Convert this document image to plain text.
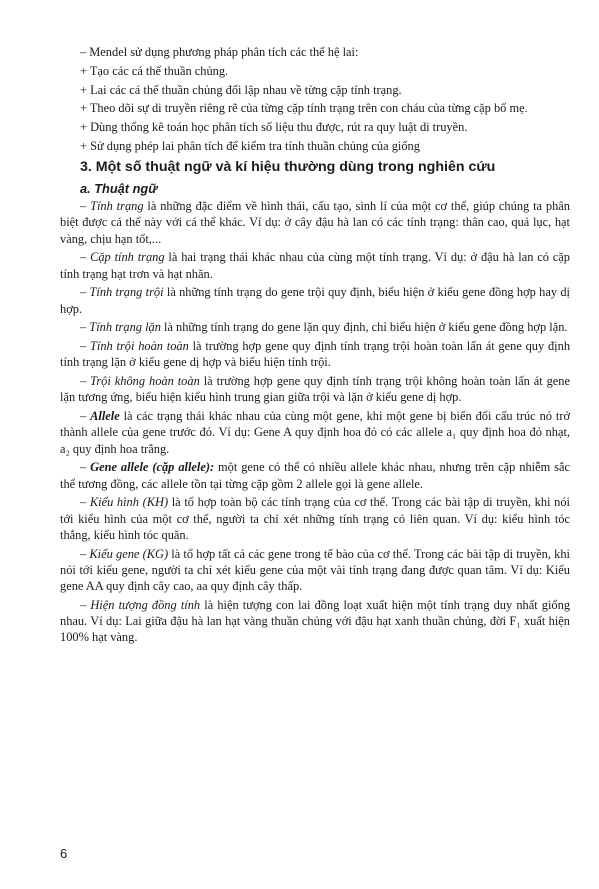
– Mendel sử dụng phương pháp phân tích các thế hệ lai:

+ Tạo các cá thể thuần chủng.

+ Lai các cá thể thuần chủng đối lập nhau về từng cặp tính trạng.

+ Theo dõi sự di truyền riêng rẽ của từng cặp tính trạng trên con cháu của từng cặp bố mẹ.

+ Dùng thống kê toán học phân tích số liệu thu được, rút ra quy luật di truyền.

+ Sử dụng phép lai phân tích để kiểm tra tính thuần chủng của giống

3. Một số thuật ngữ và kí hiệu thường dùng trong nghiên cứu
a. Thuật ngữ

– Tính trạng là những đặc điểm về hình thái, cấu tạo, sinh lí của một cơ thể, giúp chúng ta phân biệt được cá thể này với cá thể khác. Ví dụ: ở cây đậu hà lan có các tính trạng: thân cao, quả lục, hạt vàng, chịu hạn tốt,...

– Cặp tính trạng là hai trạng thái khác nhau của cùng một tính trạng. Ví dụ: ở đậu hà lan có cặp tính trạng hạt trơn và hạt nhăn.

– Tính trạng trội là những tính trạng do gene trội quy định, biểu hiện ở kiểu gene đồng hợp hay dị hợp.

– Tính trạng lặn là những tính trạng do gene lặn quy định, chỉ biểu hiện ở kiểu gene đồng hợp lặn.

– Tính trội hoàn toàn là trường hợp gene quy định tính trạng trội hoàn toàn lấn át gene quy định tính trạng lặn ở kiểu gene dị hợp và biểu hiện tính trội.

– Trội không hoàn toàn là trường hợp gene quy định tính trạng trội không hoàn toàn lấn át gene lặn tương ứng, biểu hiện kiểu hình trung gian giữa trội và lặn ở kiểu gene dị hợp.

– Allele là các trạng thái khác nhau của cùng một gene, khi một gene bị biến đổi cấu trúc nó trở thành allele của gene trước đó. Ví dụ: Gene A quy định hoa đỏ có các allele a₁ quy định hoa đỏ nhạt, a₂ quy định hoa trắng.

– Gene allele (cặp allele): một gene có thể có nhiều allele khác nhau, nhưng trên cặp nhiễm sắc thể tương đồng, các allele tồn tại từng cặp gồm 2 allele gọi là gene allele.

– Kiểu hình (KH) là tổ hợp toàn bộ các tính trạng của cơ thể. Trong các bài tập di truyền, khi nói tới kiểu hình của một cơ thể, người ta chỉ xét những tính trạng có liên quan. Ví dụ: kiểu hình tóc thẳng, kiểu hình tóc quăn.

– Kiểu gene (KG) là tổ hợp tất cả các gene trong tế bào của cơ thể. Trong các bài tập di truyền, khi nói tới kiểu gene, người ta chỉ xét kiểu gene của một vài tính trạng đang được quan tâm. Ví dụ: Kiểu gene AA quy định cây cao, aa quy định cây thấp.

– Hiện tượng đồng tính là hiện tượng con lai đồng loạt xuất hiện một tính trạng duy nhất giống nhau. Ví dụ: Lai giữa đậu hà lan hạt vàng thuần chủng với đậu hạt xanh thuần chủng, đời F₁ xuất hiện 100% hạt vàng.

6
